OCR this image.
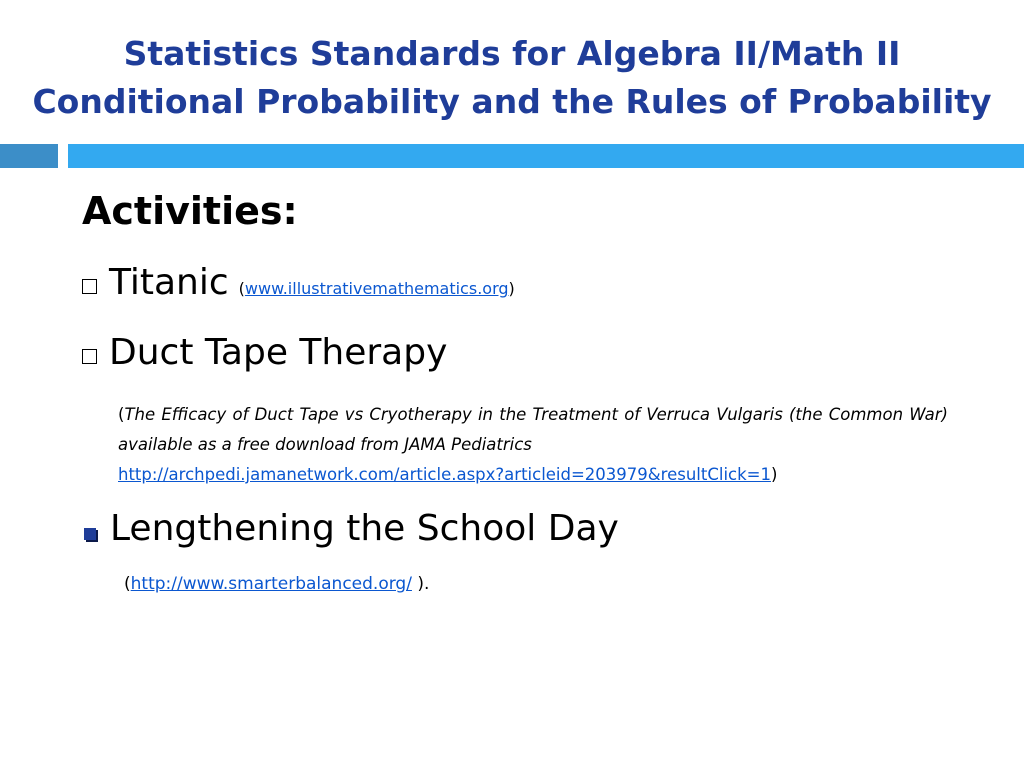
Statistics Standards for Algebra II/Math II
Conditional Probability and the Rules of Probability
Activities:
Titanic (www.illustrativemathematics.org)
Duct Tape Therapy
(The Efficacy of Duct Tape vs Cryotherapy in the Treatment of Verruca Vulgaris (the Common War) available as a free download from JAMA Pediatrics
http://archpedi.jamanetwork.com/article.aspx?articleid=203979&resultClick=1)
Lengthening the School Day
(http://www.smarterbalanced.org/ ).
